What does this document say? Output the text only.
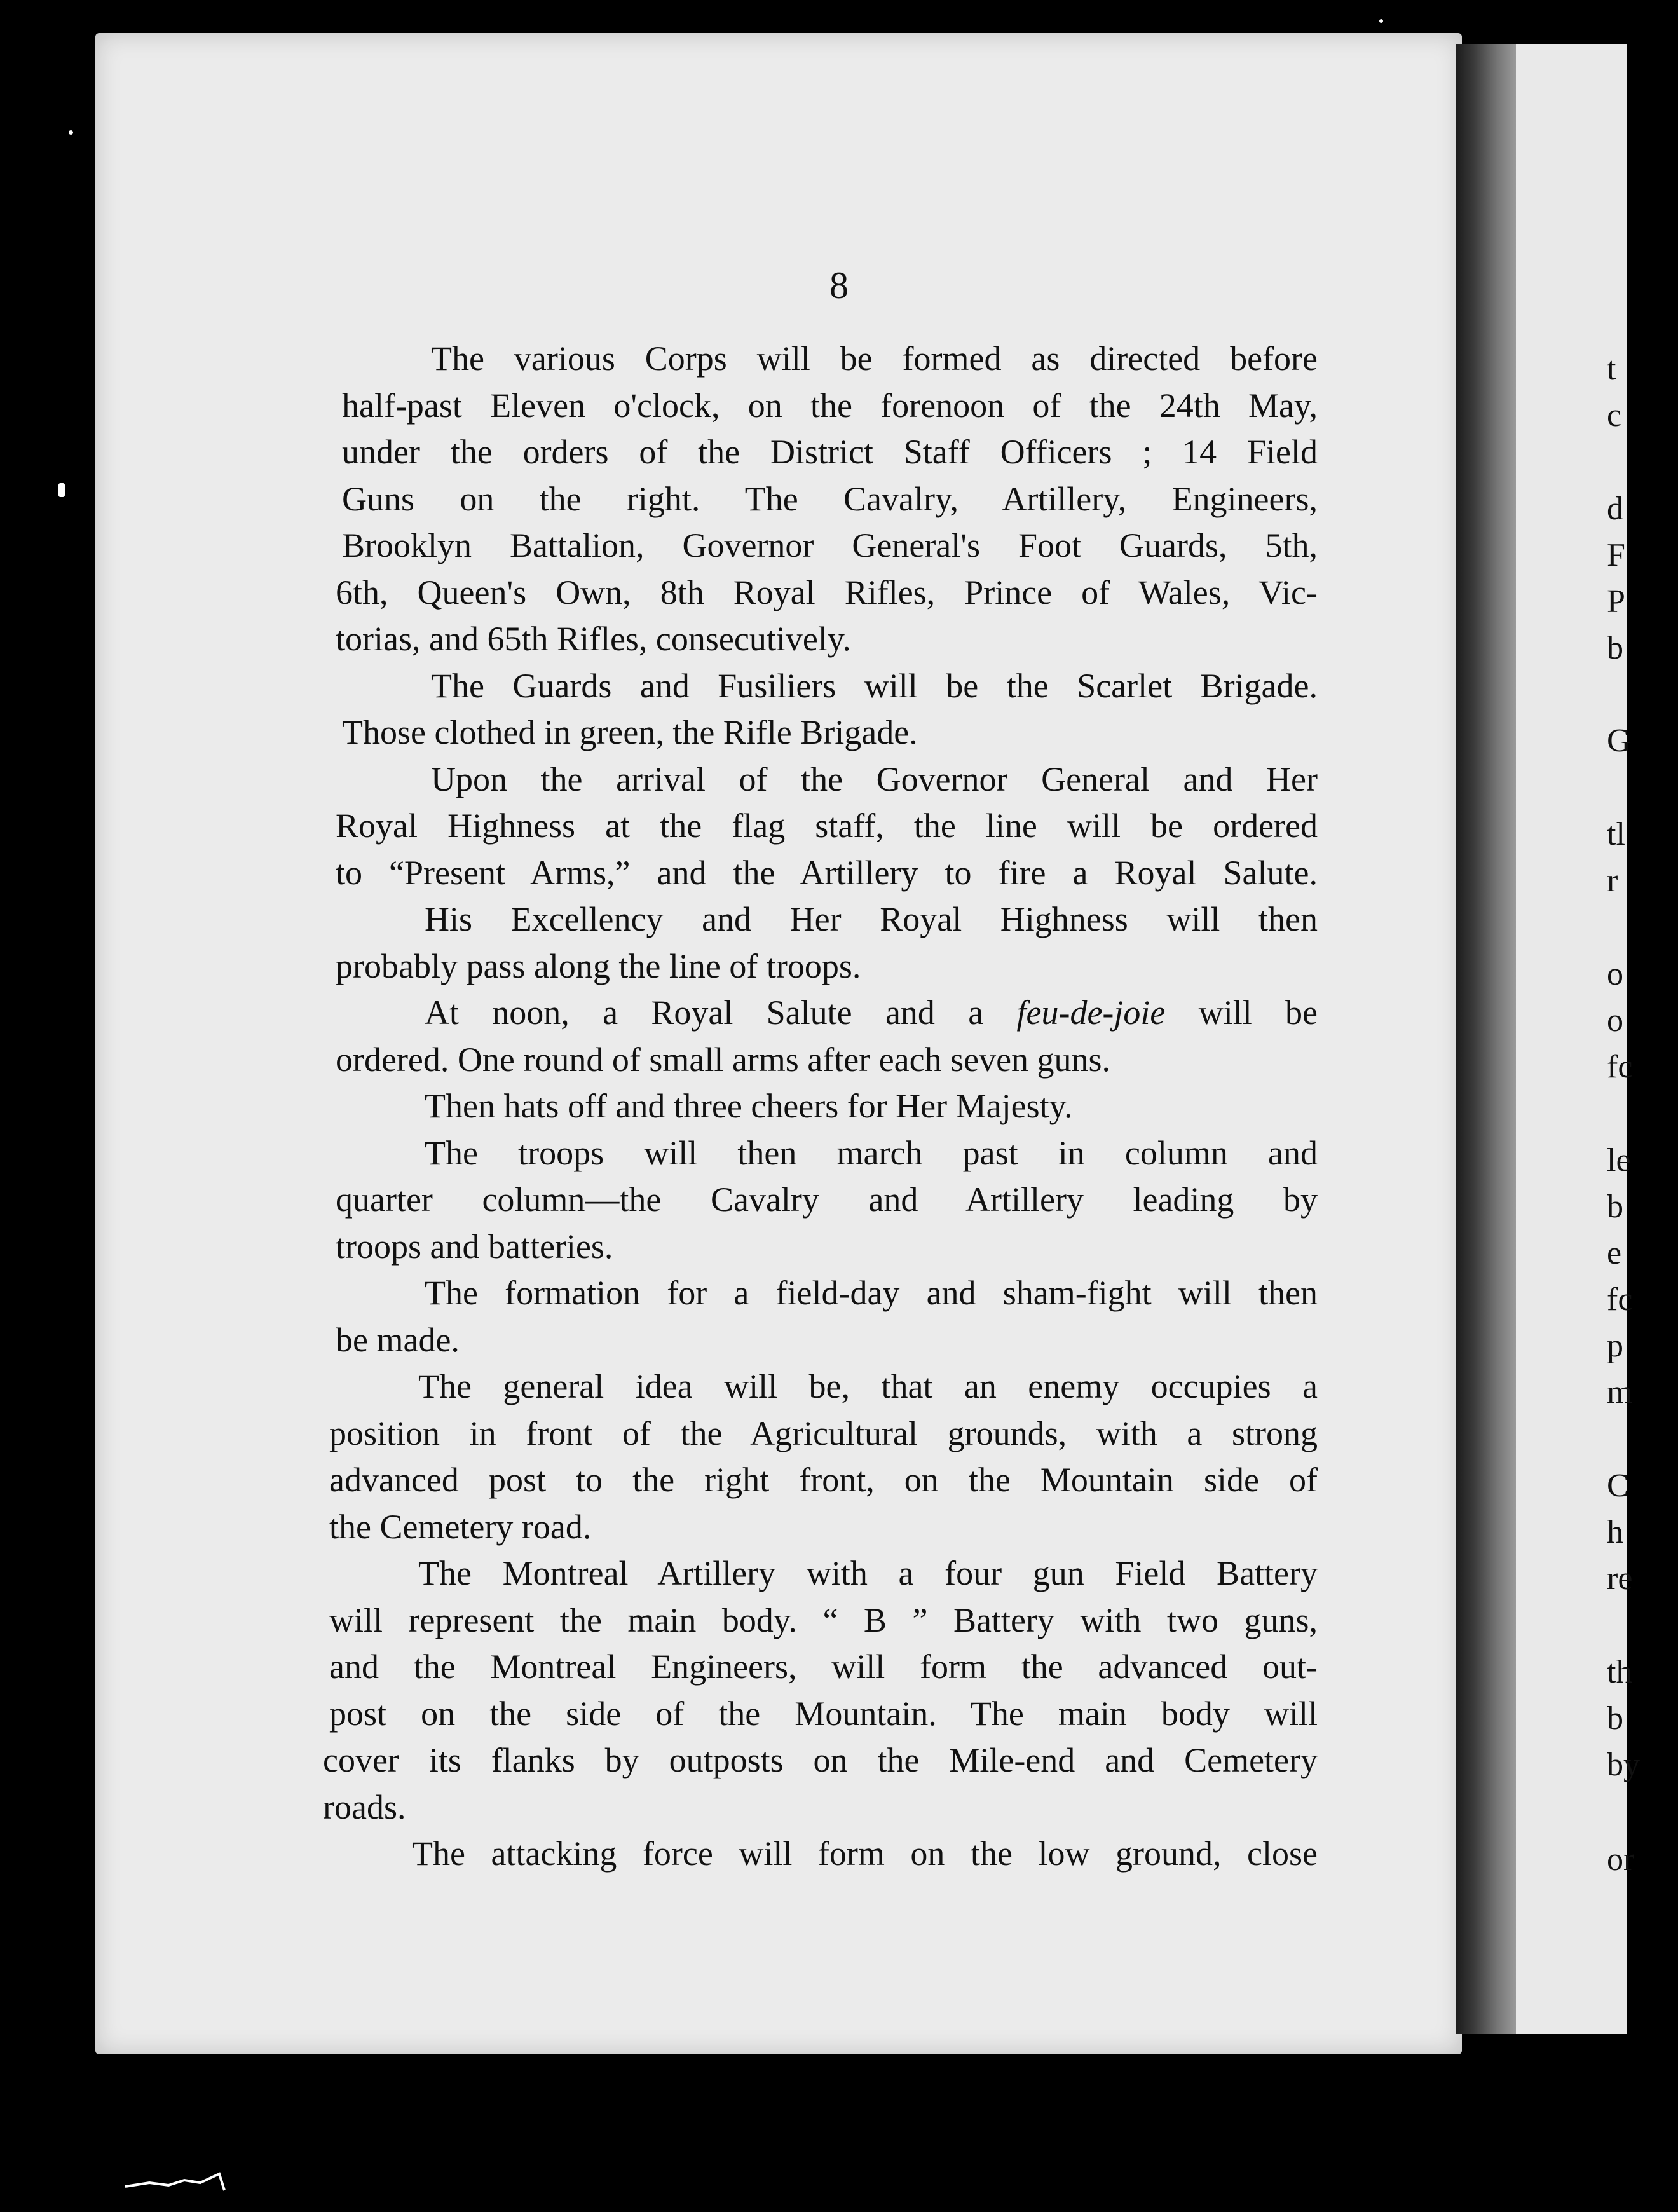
8

The various Corps will be formed as directed before
half-past Eleven o'clock, on the forenoon of the 24th May,
under the orders of the District Staff Officers ; 14 Field
Guns on the right. The Cavalry, Artillery, Engineers,
Brooklyn Battalion, Governor General's Foot Guards, 5th,
6th, Queen's Own, 8th Royal Rifles, Prince of Wales, Vic-
torias, and 65th Rifles, consecutively.

The Guards and Fusiliers will be the Scarlet Brigade.
Those clothed in green, the Rifle Brigade.

Upon the arrival of the Governor General and Her
Royal Highness at the flag staff, the line will be ordered
to “Present Arms,” and the Artillery to fire a Royal Salute.

His Excellency and Her Royal Highness will then
probably pass along the line of troops.

At noon, a Royal Salute and a feu-de-joie will be
ordered. One round of small arms after each seven guns.

Then hats off and three cheers for Her Majesty.

The troops will then march past in column and
quarter column—the Cavalry and Artillery leading by
troops and batteries.

The formation for a field-day and sham-fight will then
be made.

The general idea will be, that an enemy occupies a
position in front of the Agricultural grounds, with a strong
advanced post to the right front, on the Mountain side of
the Cemetery road.

The Montreal Artillery with a four gun Field Battery
will represent the main body. “ B ” Battery with two guns,
and the Montreal Engineers, will form the advanced out-
post on the side of the Mountain. The main body will
cover its flanks by outposts on the Mile-end and Cemetery
roads.

The attacking force will form on the low ground, close

t
c
d
F
P
b
G
tl
r
o
o
fc
le
b
e
fc
p
m
C
h
re
th
b
by
or
